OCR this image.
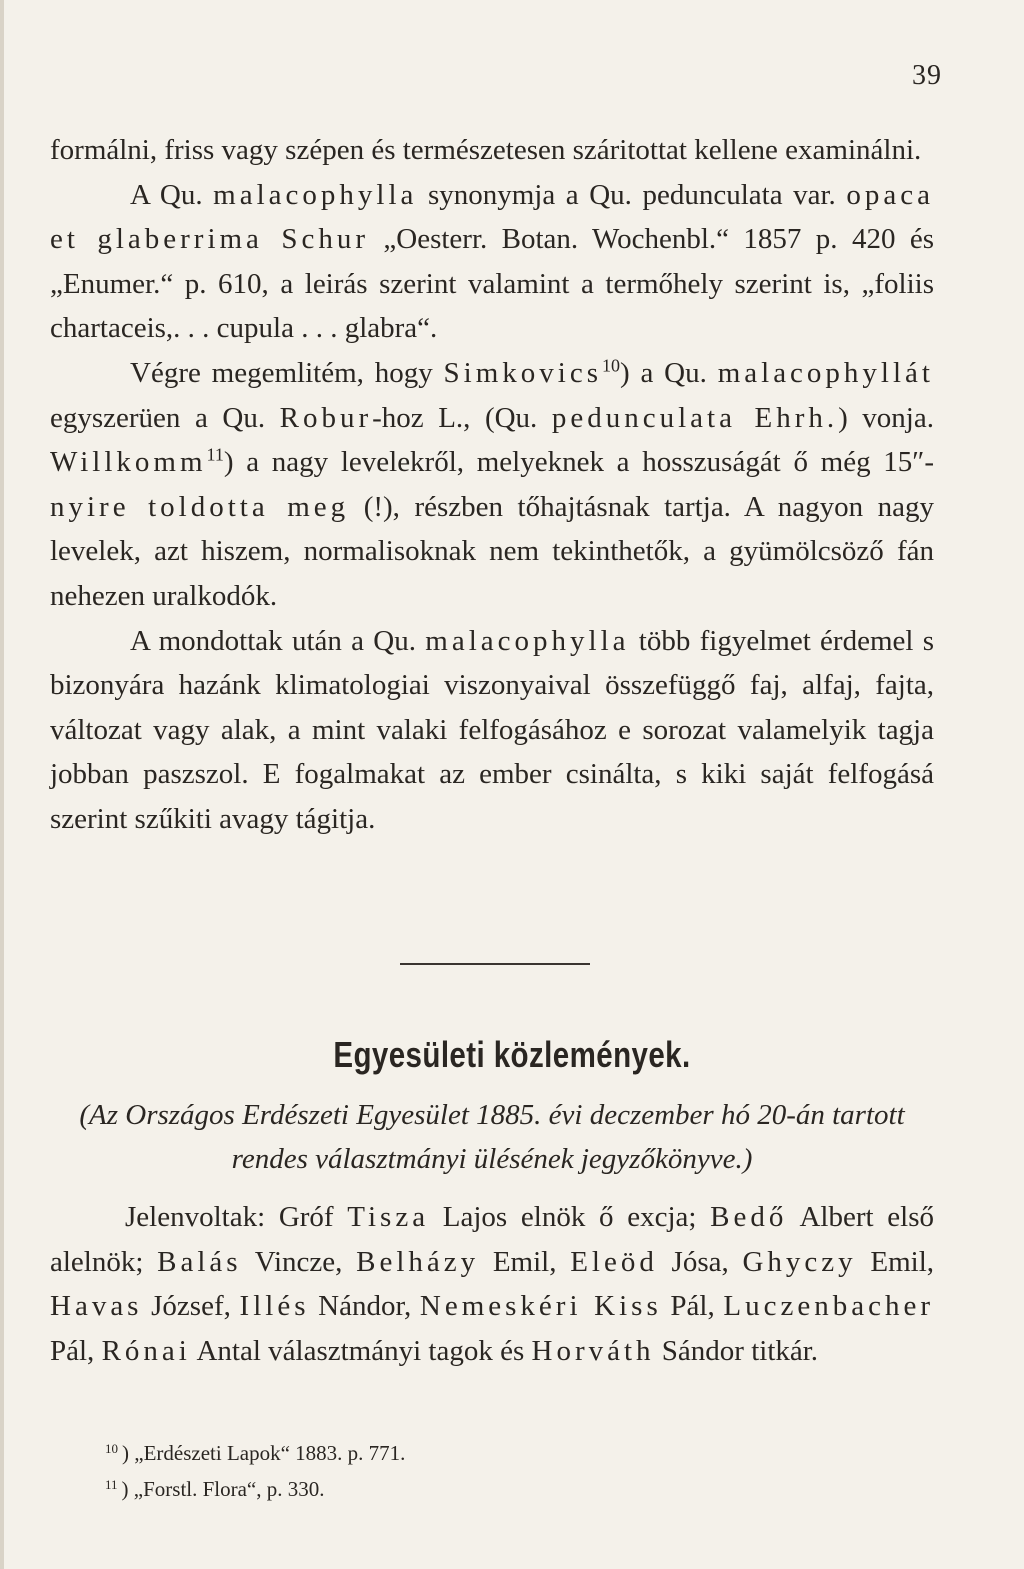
39

formálni, friss vagy szépen és természetesen száritottat kellene examinálni.

A Qu. malacophylla synonymja a Qu. pedunculata var. opaca et glaberrima Schur „Oesterr. Botan. Wochenbl.“ 1857 p. 420 és „Enumer.“ p. 610, a leirás szerint valamint a termőhely szerint is, „foliis chartaceis,. . . cupula . . . glabra“.

Végre megemlitém, hogy Simkovics$^{10}$) a Qu. malacophyllát egyszerüen a Qu. Robur-hoz L., (Qu. pedunculata Ehrh.) vonja. Willkomm$^{11}$) a nagy levelekről, melyeknek a hosszuságát ő még 15″-nyire toldotta meg (!), részben tőhajtásnak tartja. A nagyon nagy levelek, azt hiszem, normalisoknak nem tekinthetők, a gyümölcsöző fán nehezen uralkodók.

A mondottak után a Qu. malacophylla több figyelmet érdemel s bizonyára hazánk klimatologiai viszonyaival összefüggő faj, alfaj, fajta, változat vagy alak, a mint valaki felfogásához e sorozat valamelyik tagja jobban paszszol. E fogalmakat az ember csinálta, s kiki saját felfogásá szerint szűkiti avagy tágitja.

Egyesületi közlemények.
(Az Országos Erdészeti Egyesület 1885. évi deczember hó 20-án tartott rendes választmányi ülésének jegyzőkönyve.)
Jelenvoltak: Gróf Tisza Lajos elnök ő excja; Bedő Albert első alelnök; Balás Vincze, Belházy Emil, Eleöd Jósa, Ghyczy Emil, Havas József, Illés Nándor, Nemeskéri Kiss Pál, Luczenbacher Pál, Rónai Antal választmányi tagok és Horváth Sándor titkár.
$^{10}$ ) „Erdészeti Lapok“ 1883. p. 771.
$^{11}$ ) „Forstl. Flora“, p. 330.
